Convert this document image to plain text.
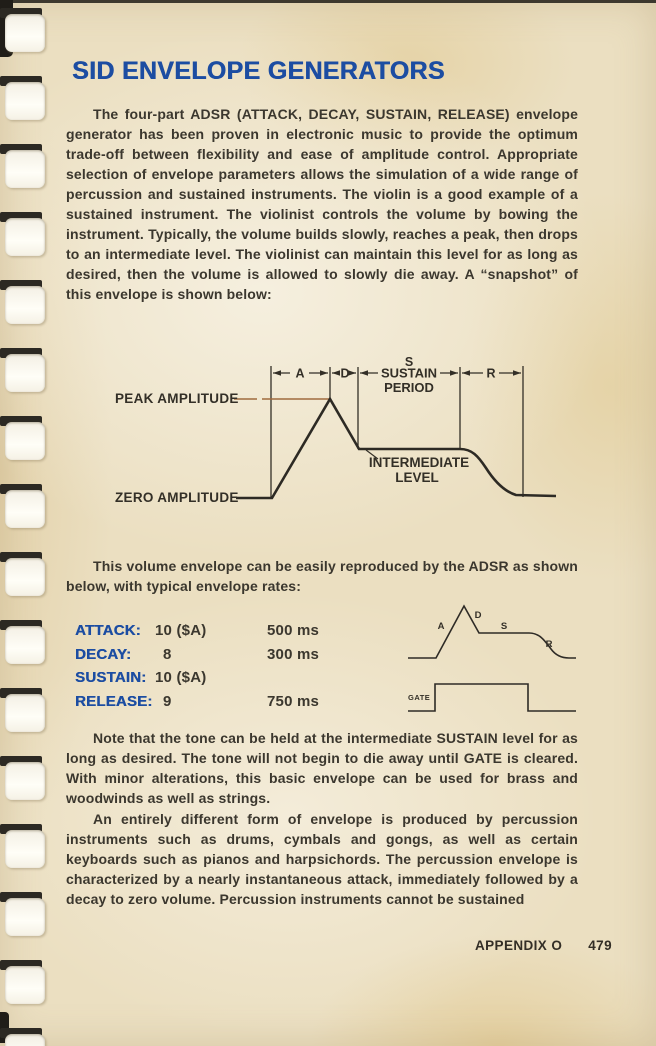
SID ENVELOPE GENERATORS

The four-part ADSR (ATTACK, DECAY, SUSTAIN, RELEASE) envelope generator has been proven in electronic music to provide the optimum trade-off between flexibility and ease of amplitude control. Appropriate selection of envelope parameters allows the simulation of a wide range of percussion and sustained instruments. The violin is a good example of a sustained instrument. The violinist controls the volume by bowing the instrument. Typically, the volume builds slowly, reaches a peak, then drops to an intermediate level. The violinist can maintain this level for as long as desired, then the volume is allowed to slowly die away. A “snapshot” of this envelope is shown below:

PEAK AMPLITUDE
ZERO AMPLITUDE
A	D
S
SUSTAIN
PERIOD
R
INTERMEDIATE
LEVEL

This volume envelope can be easily reproduced by the ADSR as shown below, with typical envelope rates:

ATTACK: 10 ($A)	500 ms
DECAY:	8	300 ms
SUSTAIN: 10 ($A)
RELEASE: 9	750 ms
A
D
S
R
GATE

Note that the tone can be held at the intermediate SUSTAIN level for as long as desired. The tone will not begin to die away until GATE is cleared. With minor alterations, this basic envelope can be used for brass and woodwinds as well as strings.

An entirely different form of envelope is produced by percussion instruments such as drums, cymbals and gongs, as well as certain keyboards such as pianos and harpsichords. The percussion envelope is characterized by a nearly instantaneous attack, immediately followed by a decay to zero volume. Percussion instruments cannot be sustained

APPENDIX O 479
